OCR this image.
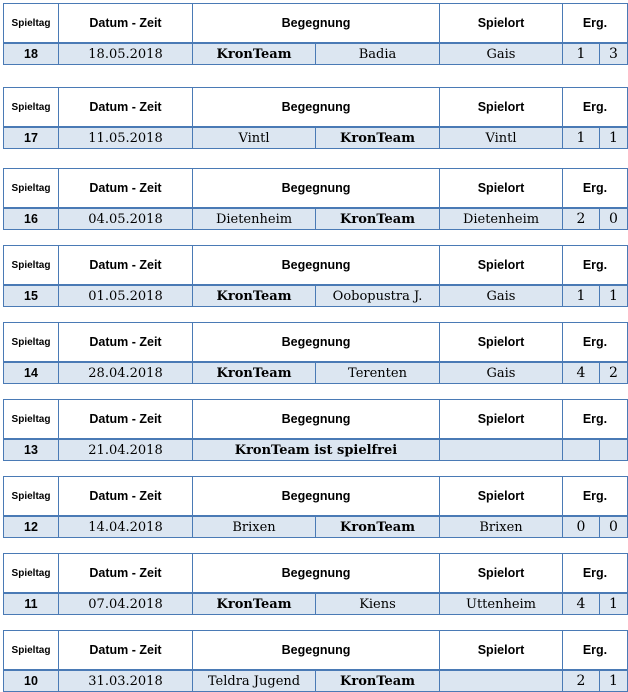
Spieltag	Datum - Zeit	Begegnung		Spielort	Erg.	
18	18.05.2018	KronTeam	Badia	Gais	1	3
Spieltag	Datum - Zeit	Begegnung		Spielort	Erg.	
17	11.05.2018	Vintl	KronTeam	Vintl	1	1
Spieltag	Datum - Zeit	Begegnung		Spielort	Erg.	
16	04.05.2018	Dietenheim	KronTeam	Dietenheim	2	0
Spieltag	Datum - Zeit	Begegnung		Spielort	Erg.	
15	01.05.2018	KronTeam	Oobopustra J.	Gais	1	1
Spieltag	Datum - Zeit	Begegnung		Spielort	Erg.	
14	28.04.2018	KronTeam	Terenten	Gais	4	2
Spieltag	Datum - Zeit	Begegnung	Spielort	Erg.	
13	21.04.2018	KronTeam ist spielfrei			
Spieltag	Datum - Zeit	Begegnung		Spielort	Erg.	
12	14.04.2018	Brixen	KronTeam	Brixen	0	0
Spieltag	Datum - Zeit	Begegnung		Spielort	Erg.	
11	07.04.2018	KronTeam	Kiens	Uttenheim	4	1
Spieltag	Datum - Zeit	Begegnung		Spielort	Erg.	
10	31.03.2018	Teldra Jugend	KronTeam		2	1
